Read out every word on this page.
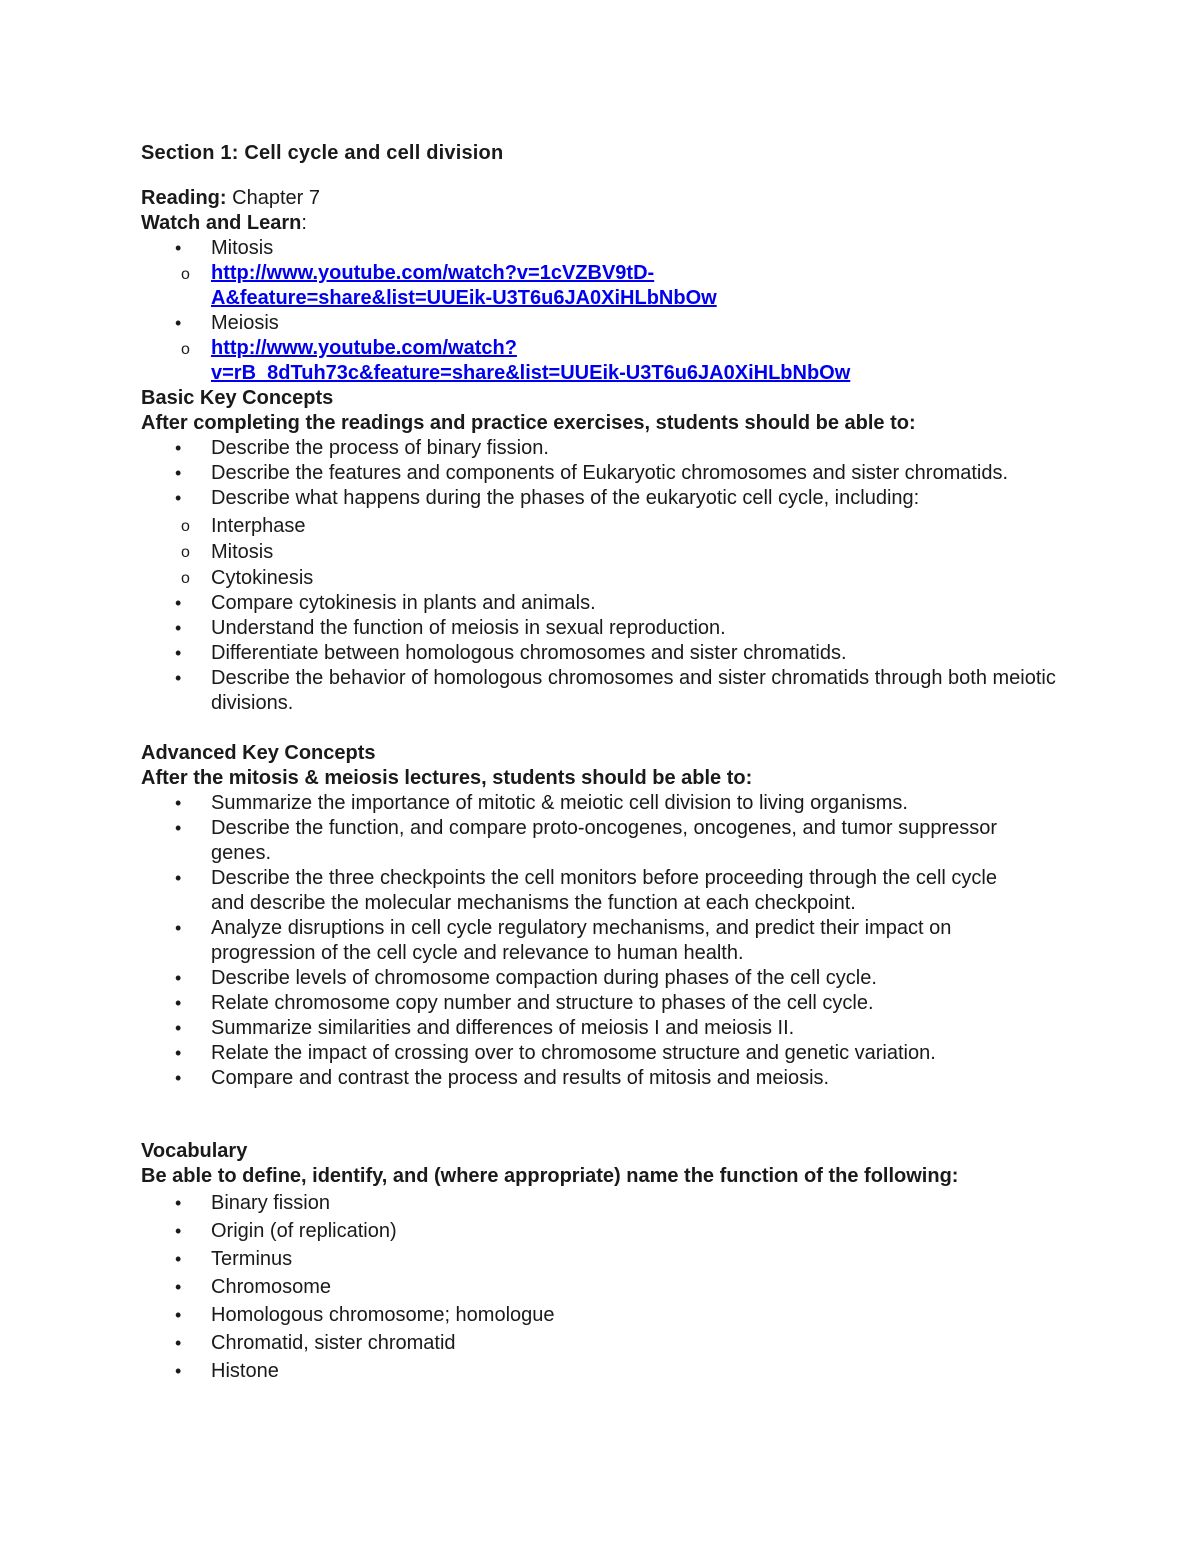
Section 1: Cell cycle and cell division
Reading: Chapter 7
Watch and Learn:
• Mitosis
o http://www.youtube.com/watch?v=1cVZBV9tD-
A&feature=share&list=UUEik-U3T6u6JA0XiHLbNbOw
• Meiosis
o http://www.youtube.com/watch?
v=rB_8dTuh73c&feature=share&list=UUEik-U3T6u6JA0XiHLbNbOw
Basic Key Concepts
After completing the readings and practice exercises, students should be able to:
• Describe the process of binary fission.
• Describe the features and components of Eukaryotic chromosomes and sister chromatids.
• Describe what happens during the phases of the eukaryotic cell cycle, including:
o Interphase
o Mitosis
o Cytokinesis
• Compare cytokinesis in plants and animals.
• Understand the function of meiosis in sexual reproduction.
• Differentiate between homologous chromosomes and sister chromatids.
• Describe the behavior of homologous chromosomes and sister chromatids through both meiotic divisions.
Advanced Key Concepts
After the mitosis & meiosis lectures, students should be able to:
• Summarize the importance of mitotic & meiotic cell division to living organisms.
• Describe the function, and compare proto-oncogenes, oncogenes, and tumor suppressor genes.
• Describe the three checkpoints the cell monitors before proceeding through the cell cycle and describe the molecular mechanisms the function at each checkpoint.
• Analyze disruptions in cell cycle regulatory mechanisms, and predict their impact on progression of the cell cycle and relevance to human health.
• Describe levels of chromosome compaction during phases of the cell cycle.
• Relate chromosome copy number and structure to phases of the cell cycle.
• Summarize similarities and differences of meiosis I and meiosis II.
• Relate the impact of crossing over to chromosome structure and genetic variation.
• Compare and contrast the process and results of mitosis and meiosis.
Vocabulary
Be able to define, identify, and (where appropriate) name the function of the following:
• Binary fission
• Origin (of replication)
• Terminus
• Chromosome
• Homologous chromosome; homologue
• Chromatid, sister chromatid
• Histone
